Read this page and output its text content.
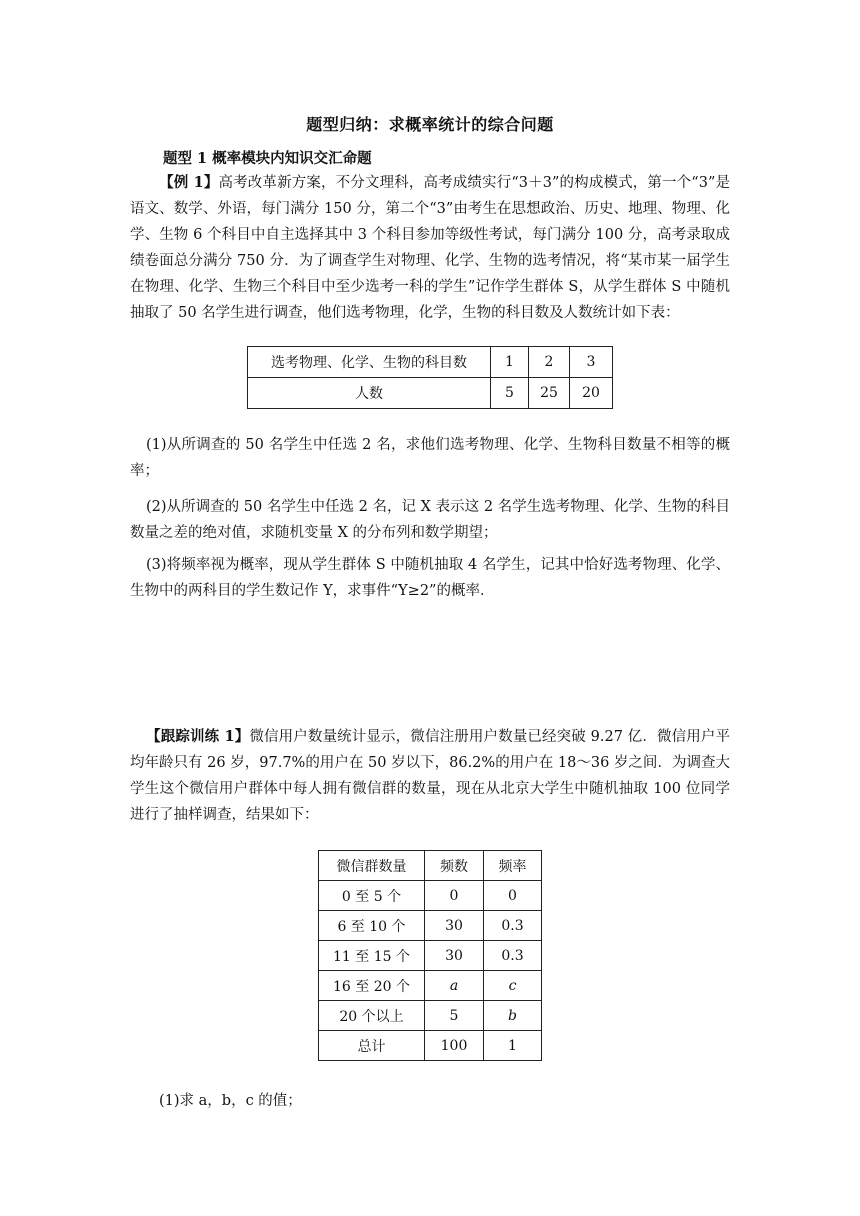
题型归纳：求概率统计的综合问题
题型 1 概率模块内知识交汇命题
【例 1】高考改革新方案，不分文理科，高考成绩实行“3＋3”的构成模式，第一个“3”是语文、数学、外语，每门满分 150 分，第二个“3”由考生在思想政治、历史、地理、物理、化学、生物 6 个科目中自主选择其中 3 个科目参加等级性考试，每门满分 100 分，高考录取成绩卷面总分满分 750 分．为了调查学生对物理、化学、生物的选考情况，将“某市某一届学生在物理、化学、生物三个科目中至少选考一科的学生”记作学生群体 S，从学生群体 S 中随机抽取了 50 名学生进行调查，他们选考物理，化学，生物的科目数及人数统计如下表：
选考物理、化学、生物的科目数	1	2	3
人数	5	25	20
(1)从所调查的 50 名学生中任选 2 名，求他们选考物理、化学、生物科目数量不相等的概率；
(2)从所调查的 50 名学生中任选 2 名，记 X 表示这 2 名学生选考物理、化学、生物的科目数量之差的绝对值，求随机变量 X 的分布列和数学期望；
(3)将频率视为概率，现从学生群体 S 中随机抽取 4 名学生，记其中恰好选考物理、化学、生物中的两科目的学生数记作 Y，求事件“Y≥2”的概率．
【跟踪训练 1】微信用户数量统计显示，微信注册用户数量已经突破 9.27 亿．微信用户平均年龄只有 26 岁，97.7%的用户在 50 岁以下，86.2%的用户在 18～36 岁之间．为调查大学生这个微信用户群体中每人拥有微信群的数量，现在从北京大学生中随机抽取 100 位同学进行了抽样调查，结果如下：
微信群数量	频数	频率
0 至 5 个	0	0
6 至 10 个	30	0.3
11 至 15 个	30	0.3
16 至 20 个	a	c
20 个以上	5	b
总计	100	1
(1)求 a，b，c 的值；
